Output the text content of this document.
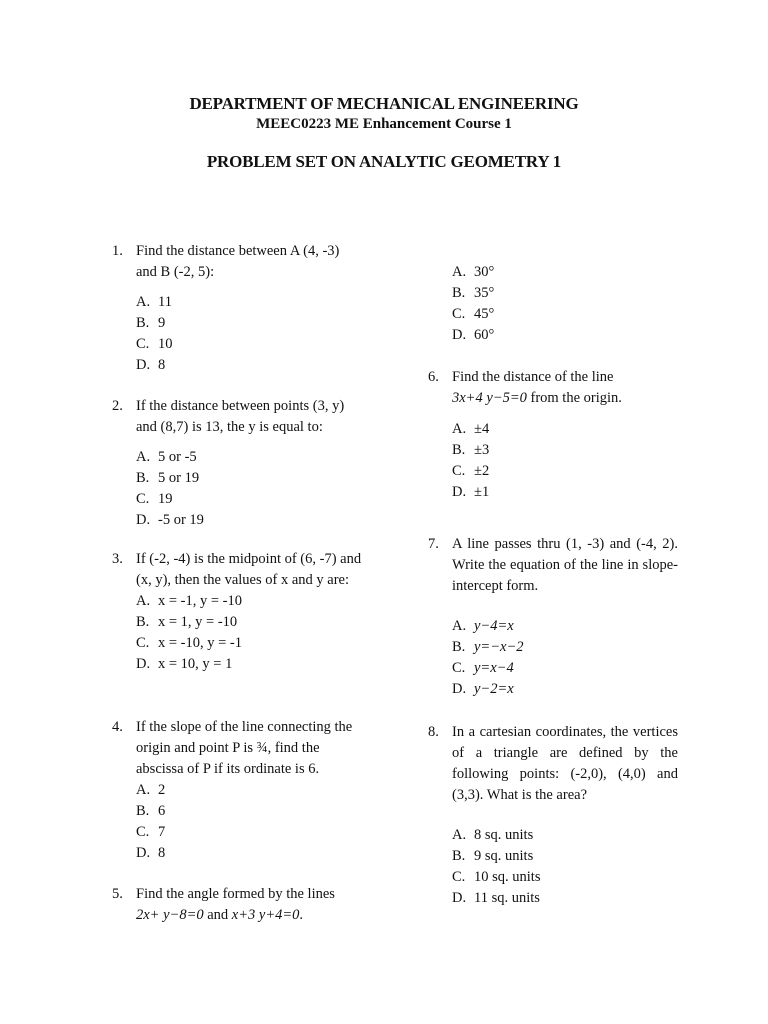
DEPARTMENT OF MECHANICAL ENGINEERING
MEEC0223 ME Enhancement Course 1
PROBLEM SET ON ANALYTIC GEOMETRY 1
1. Find the distance between A (4, -3) and B (-2, 5):
A. 11
B. 9
C. 10
D. 8
2. If the distance between points (3, y) and (8,7) is 13, the y is equal to:
A. 5 or -5
B. 5 or 19
C. 19
D. -5 or 19
3. If (-2, -4) is the midpoint of (6, -7) and (x, y), then the values of x and y are:
A. x = -1, y = -10
B. x = 1, y = -10
C. x = -10, y = -1
D. x = 10, y = 1
4. If the slope of the line connecting the origin and point P is ¾, find the abscissa of P if its ordinate is 6.
A. 2
B. 6
C. 7
D. 8
5. Find the angle formed by the lines
2x+ y−8=0 and x+3 y+4=0.
A. 30°
B. 35°
C. 45°
D. 60°
6. Find the distance of the line
3x+4 y−5=0 from the origin.
A. ±4
B. ±3
C. ±2
D. ±1
7. A line passes thru (1, -3) and (-4, 2). Write the equation of the line in slope-intercept form.
A. y−4=x
B. y=−x−2
C. y=x−4
D. y−2=x
8. In a cartesian coordinates, the vertices of a triangle are defined by the following points: (-2,0), (4,0) and (3,3). What is the area?
A. 8 sq. units
B. 9 sq. units
C. 10 sq. units
D. 11 sq. units
